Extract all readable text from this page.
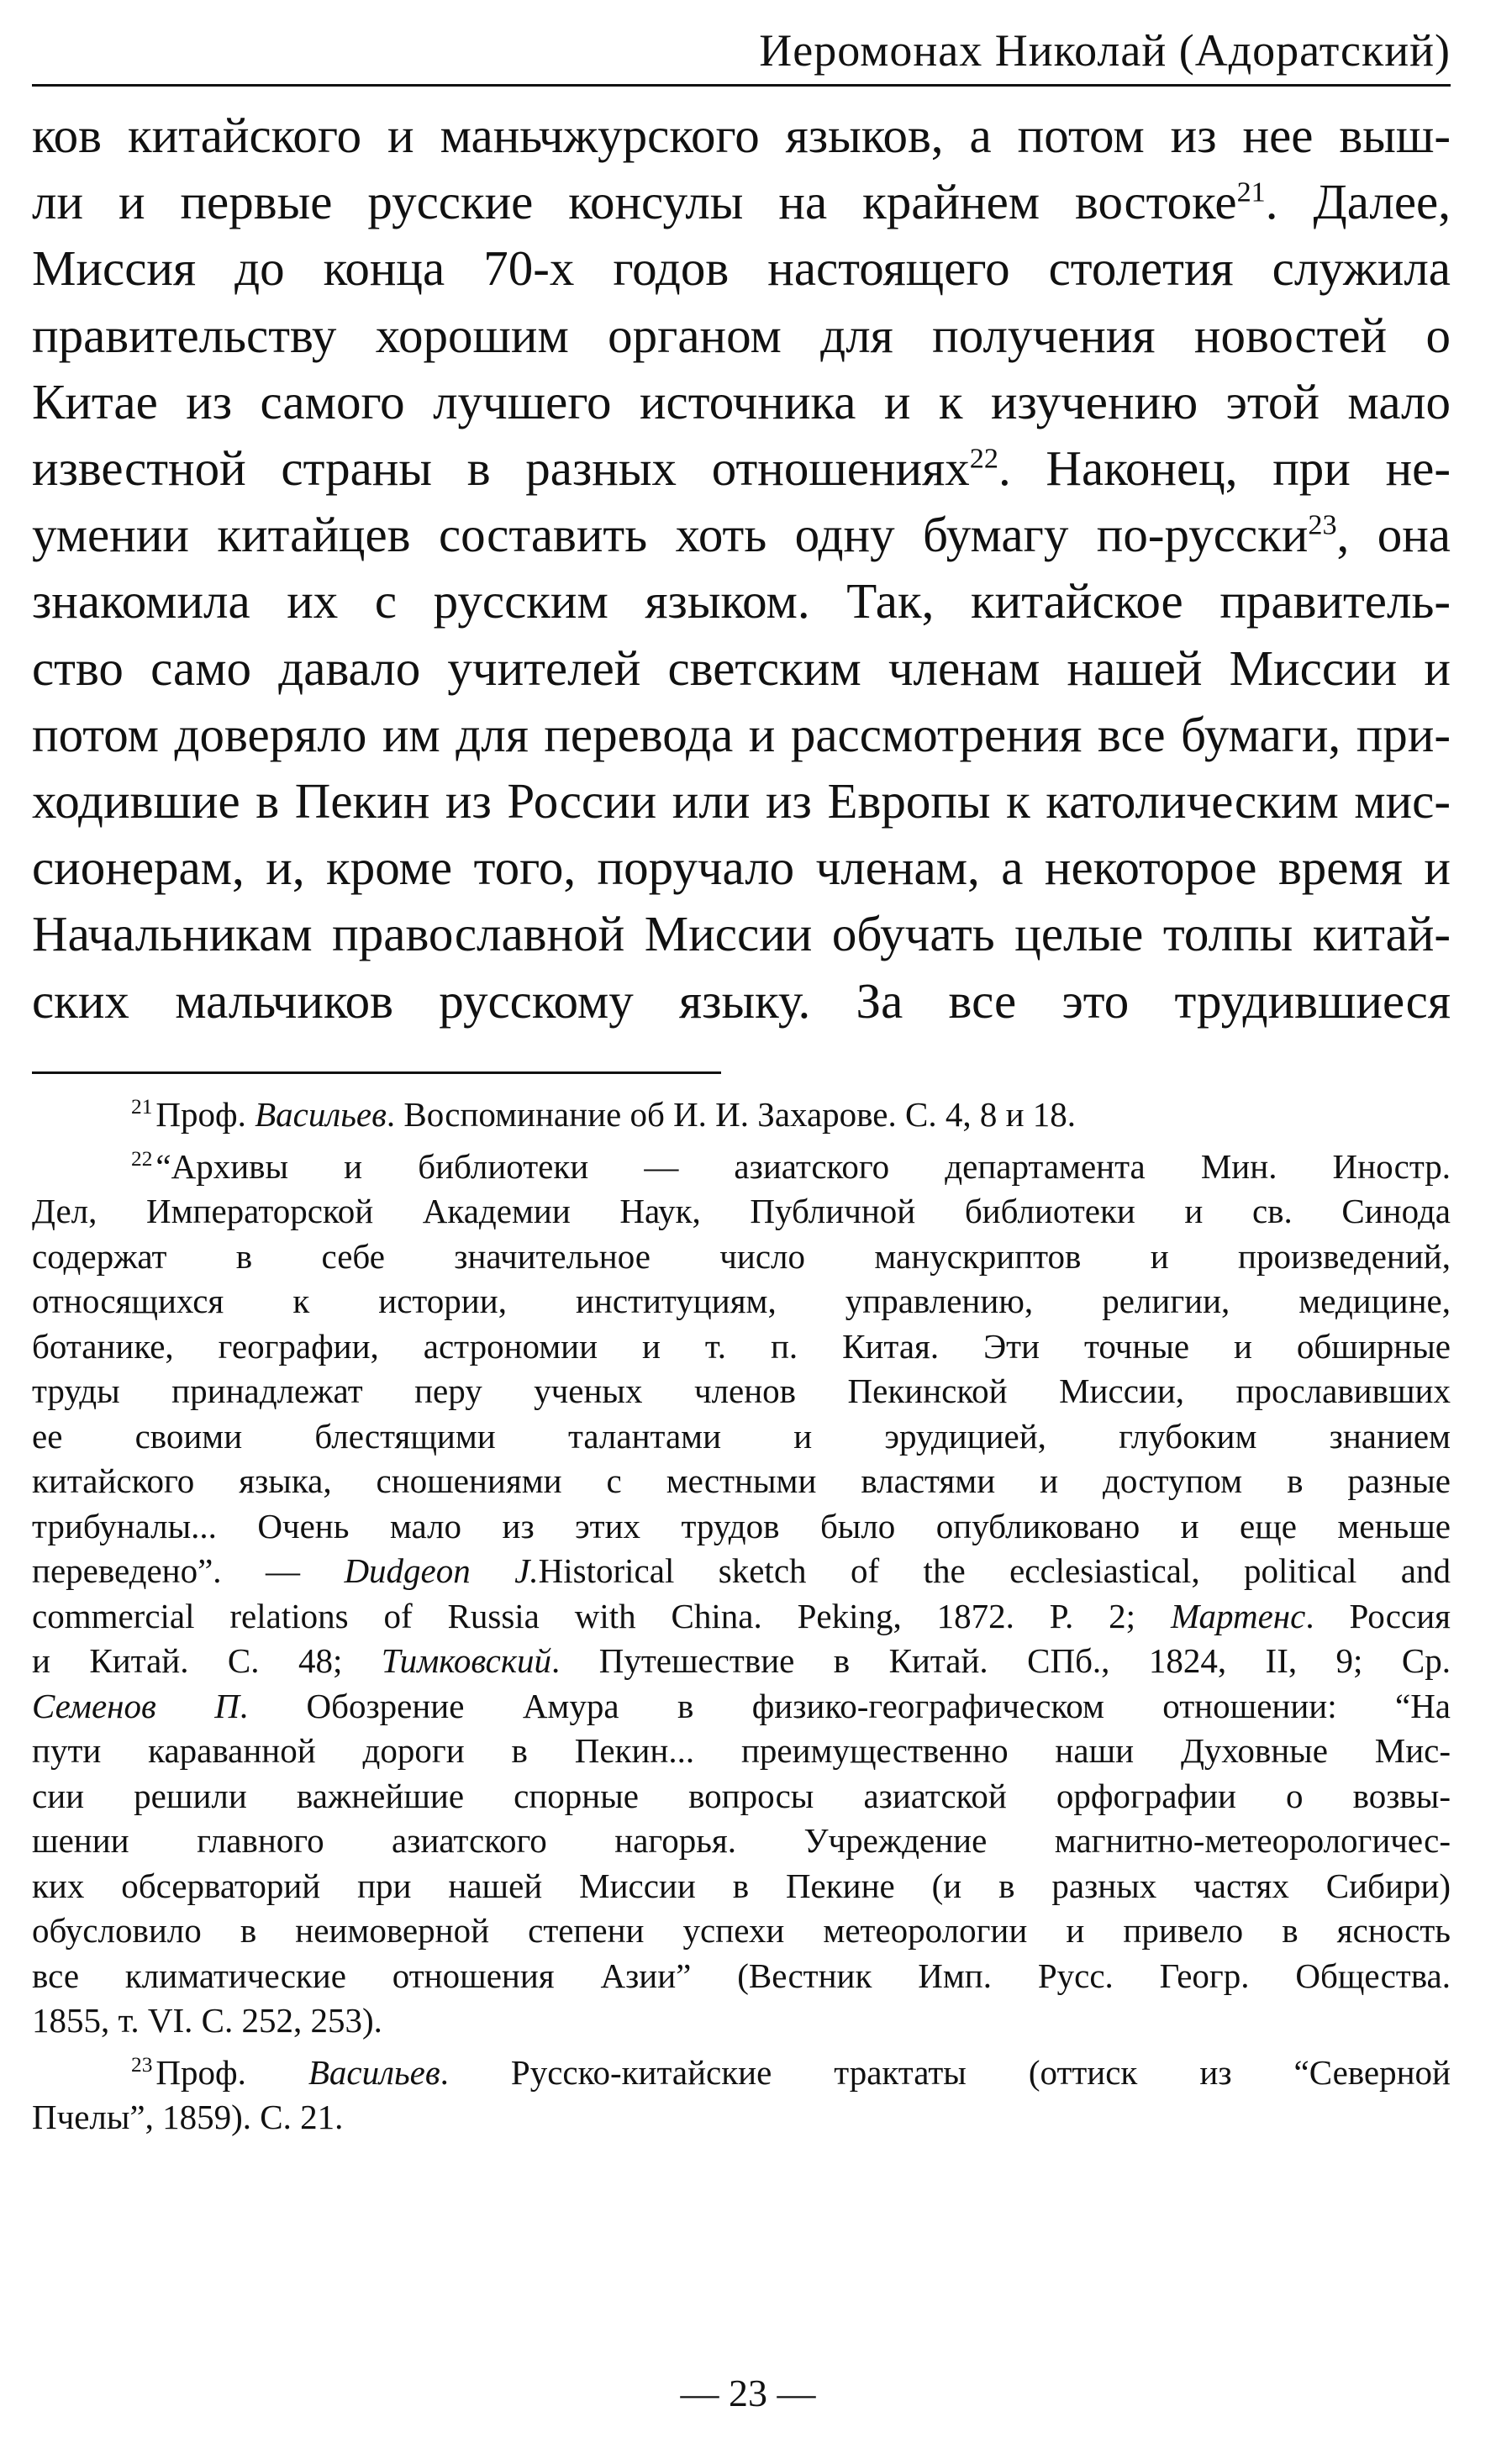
Иеромонах Николай (Адоратский)
ков китайского и маньчжурского языков, а потом из нее выш-
ли и первые русские консулы на крайнем востоке$^{21}$. Далее,
Миссия до конца 70-х годов настоящего столетия служила
правительству хорошим органом для получения новостей о
Китае из самого лучшего источника и к изучению этой мало
известной страны в разных отношениях$^{22}$. Наконец, при не-
умении китайцев составить хоть одну бумагу по-русски$^{23}$, она
знакомила их с русским языком. Так, китайское правитель-
ство само давало учителей светским членам нашей Миссии и
потом доверяло им для перевода и рассмотрения все бумаги, при-
ходившие в Пекин из России или из Европы к католическим мис-
сионерам, и, кроме того, поручало членам, а некоторое время и
Начальникам православной Миссии обучать целые толпы китай-
ских мальчиков русскому языку. За все это трудившиеся
$^{21}$Проф. Васильев. Воспоминание об И. И. Захарове. С. 4, 8 и 18.
$^{22}$“Архивы и библиотеки — азиатского департамента Мин. Иностр.
Дел, Императорской Академии Наук, Публичной библиотеки и св. Синода
содержат в себе значительное число манускриптов и произведений,
относящихся к истории, институциям, управлению, религии, медицине,
ботанике, географии, астрономии и т. п. Китая. Эти точные и обширные
труды принадлежат перу ученых членов Пекинской Миссии, прославивших
ее своими блестящими талантами и эрудицией, глубоким знанием
китайского языка, сношениями с местными властями и доступом в разные
трибуналы... Очень мало из этих трудов было опубликовано и еще меньше
переведено”. — Dudgeon J.Historical sketch of the ecclesiastical, political and
commercial relations of Russia with China. Peking, 1872. P. 2; Мартенс. Россия
и Китай. С. 48; Тимковский. Путешествие в Китай. СПб., 1824, II, 9; Ср.
Семенов П. Обозрение Амура в физико-географическом отношении: “На
пути караванной дороги в Пекин... преимущественно наши Духовные Мис-
сии решили важнейшие спорные вопросы азиатской орфографии о возвы-
шении главного азиатского нагорья. Учреждение магнитно-метеорологичес-
ких обсерваторий при нашей Миссии в Пекине (и в разных частях Сибири)
обусловило в неимоверной степени успехи метеорологии и привело в ясность
все климатические отношения Азии” (Вестник Имп. Русс. Геогр. Общества.
1855, т. VI. С. 252, 253).
$^{23}$Проф. Васильев. Русско-китайские трактаты (оттиск из “Северной
Пчелы”, 1859). С. 21.
— 23 —
